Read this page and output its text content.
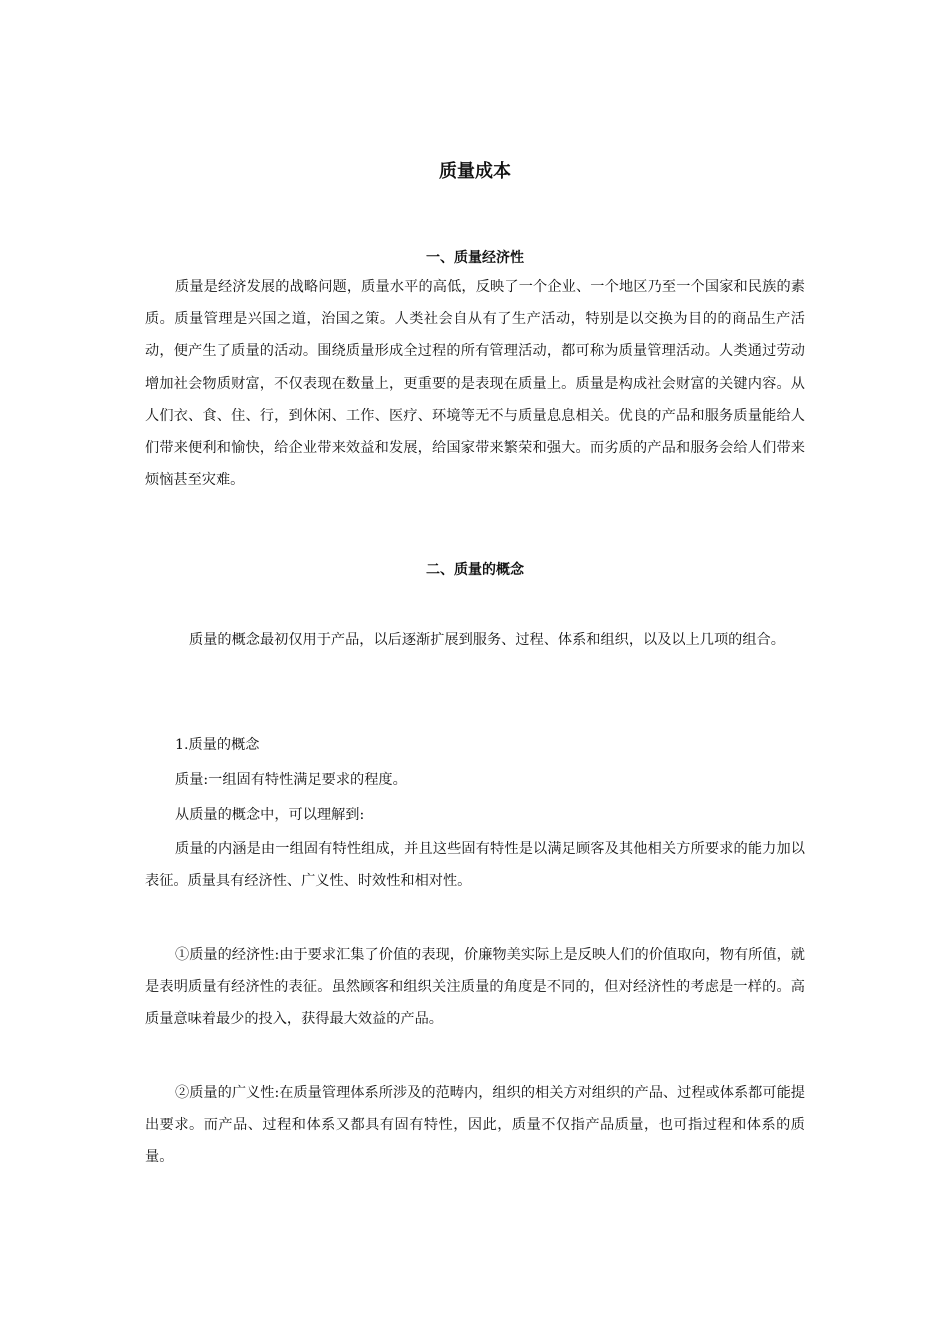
质量成本
一、质量经济性

质量是经济发展的战略问题，质量水平的高低，反映了一个企业、一个地区乃至一个国家和民族的素质。质量管理是兴国之道，治国之策。人类社会自从有了生产活动，特别是以交换为目的的商品生产活动，便产生了质量的活动。围绕质量形成全过程的所有管理活动，都可称为质量管理活动。人类通过劳动增加社会物质财富，不仅表现在数量上，更重要的是表现在质量上。质量是构成社会财富的关键内容。从人们衣、食、住、行，到休闲、工作、医疗、环境等无不与质量息息相关。优良的产品和服务质量能给人们带来便利和愉快，给企业带来效益和发展，给国家带来繁荣和强大。而劣质的产品和服务会给人们带来烦恼甚至灾难。

二、质量的概念

质量的概念最初仅用于产品，以后逐渐扩展到服务、过程、体系和组织，以及以上几项的组合。

1.质量的概念
质量:一组固有特性满足要求的程度。
从质量的概念中，可以理解到:

质量的内涵是由一组固有特性组成，并且这些固有特性是以满足顾客及其他相关方所要求的能力加以表征。质量具有经济性、广义性、时效性和相对性。

①质量的经济性:由于要求汇集了价值的表现，价廉物美实际上是反映人们的价值取向，物有所值，就是表明质量有经济性的表征。虽然顾客和组织关注质量的角度是不同的，但对经济性的考虑是一样的。高质量意味着最少的投入，获得最大效益的产品。

②质量的广义性:在质量管理体系所涉及的范畴内，组织的相关方对组织的产品、过程或体系都可能提出要求。而产品、过程和体系又都具有固有特性，因此，质量不仅指产品质量，也可指过程和体系的质量。
